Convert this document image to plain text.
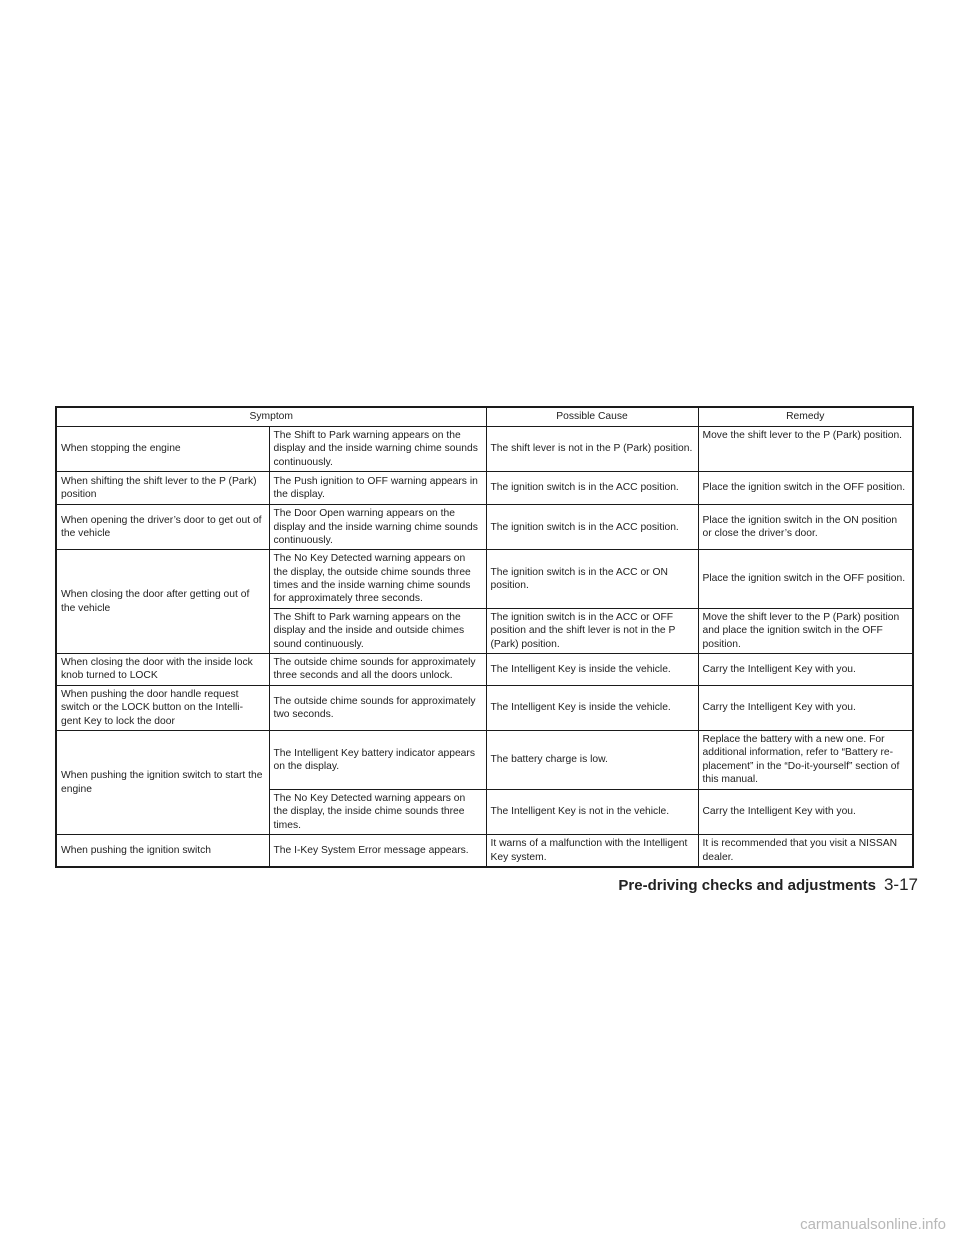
Symptom		Possible Cause	Remedy
When stopping the engine	The Shift to Park warning appears on the display and the inside warning chime sounds continuously.	The shift lever is not in the P (Park) position.	Move the shift lever to the P (Park) position.
When shifting the shift lever to the P (Park) position	The Push ignition to OFF warning appears in the display.	The ignition switch is in the ACC position.	Place the ignition switch in the OFF position.
When opening the driver’s door to get out of the vehicle	The Door Open warning appears on the display and the inside warning chime sounds continuously.	The ignition switch is in the ACC position.	Place the ignition switch in the ON position or close the driver’s door.
When closing the door after getting out of the vehicle	The No Key Detected warning appears on the display, the outside chime sounds three times and the inside warning chime sounds for approximately three seconds.	The ignition switch is in the ACC or ON position.	Place the ignition switch in the OFF position.
	The Shift to Park warning appears on the display and the inside and outside chimes sound continuously.	The ignition switch is in the ACC or OFF position and the shift lever is not in the P (Park) position.	Move the shift lever to the P (Park) position and place the ignition switch in the OFF position.
When closing the door with the inside lock knob turned to LOCK	The outside chime sounds for approximately three seconds and all the doors unlock.	The Intelligent Key is inside the vehicle.	Carry the Intelligent Key with you.
When pushing the door handle request switch or the LOCK button on the Intelli- gent Key to lock the door	The outside chime sounds for approximately two seconds.	The Intelligent Key is inside the vehicle.	Carry the Intelligent Key with you.
When pushing the ignition switch to start the engine	The Intelligent Key battery indicator appears on the display.	The battery charge is low.	Replace the battery with a new one. For additional information, refer to “Battery re- placement” in the “Do-it-yourself” section of this manual.
	The No Key Detected warning appears on the display, the inside chime sounds three times.	The Intelligent Key is not in the vehicle.	Carry the Intelligent Key with you.
When pushing the ignition switch	The I-Key System Error message appears.	It warns of a malfunction with the Intelligent Key system.	It is recommended that you visit a NISSAN dealer.
Pre-driving checks and adjustments 3-17
carmanualsonline.info
